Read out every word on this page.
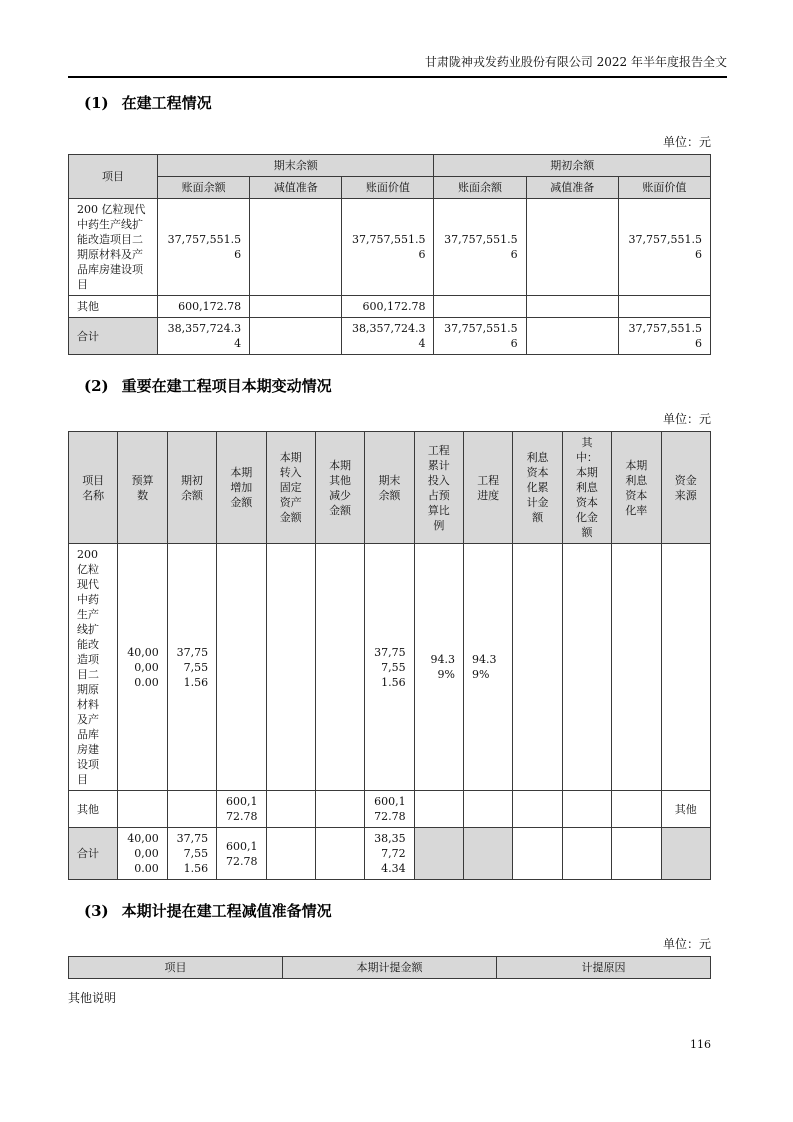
甘肃陇神戎发药业股份有限公司 2022 年半年度报告全文
(1) 在建工程情况
单位：元
项目	期末余额			期初余额		
	账面余额	减值准备	账面价值	账面余额	减值准备	账面价值
200 亿粒现代中药生产线扩能改造项目二期原材料及产品库房建设项目	37,757,551.56		37,757,551.56	37,757,551.56		37,757,551.56
其他	600,172.78		600,172.78			
合计	38,357,724.34		38,357,724.34	37,757,551.56		37,757,551.56
(2) 重要在建工程项目本期变动情况
单位：元
项目名称	预算数	期初余额	本期增加金额	本期转入固定资产金额	本期其他减少金额	期末余额	工程累计投入占预算比例	工程进度	利息资本化累计金额	其中：本期利息资本化金额	本期利息资本化率	资金来源
200 亿粒现代中药生产线扩能改造项目二期原材料及产品库房建设项目	40,000,000.00	37,757,551.56				37,757,551.56	94.39%	94.39%				
其他			600,172.78			600,172.78						其他
合计	40,000,000.00	37,757,551.56	600,172.78			38,357,724.34						
(3) 本期计提在建工程减值准备情况
单位：元
项目	本期计提金额	计提原因
其他说明
116
